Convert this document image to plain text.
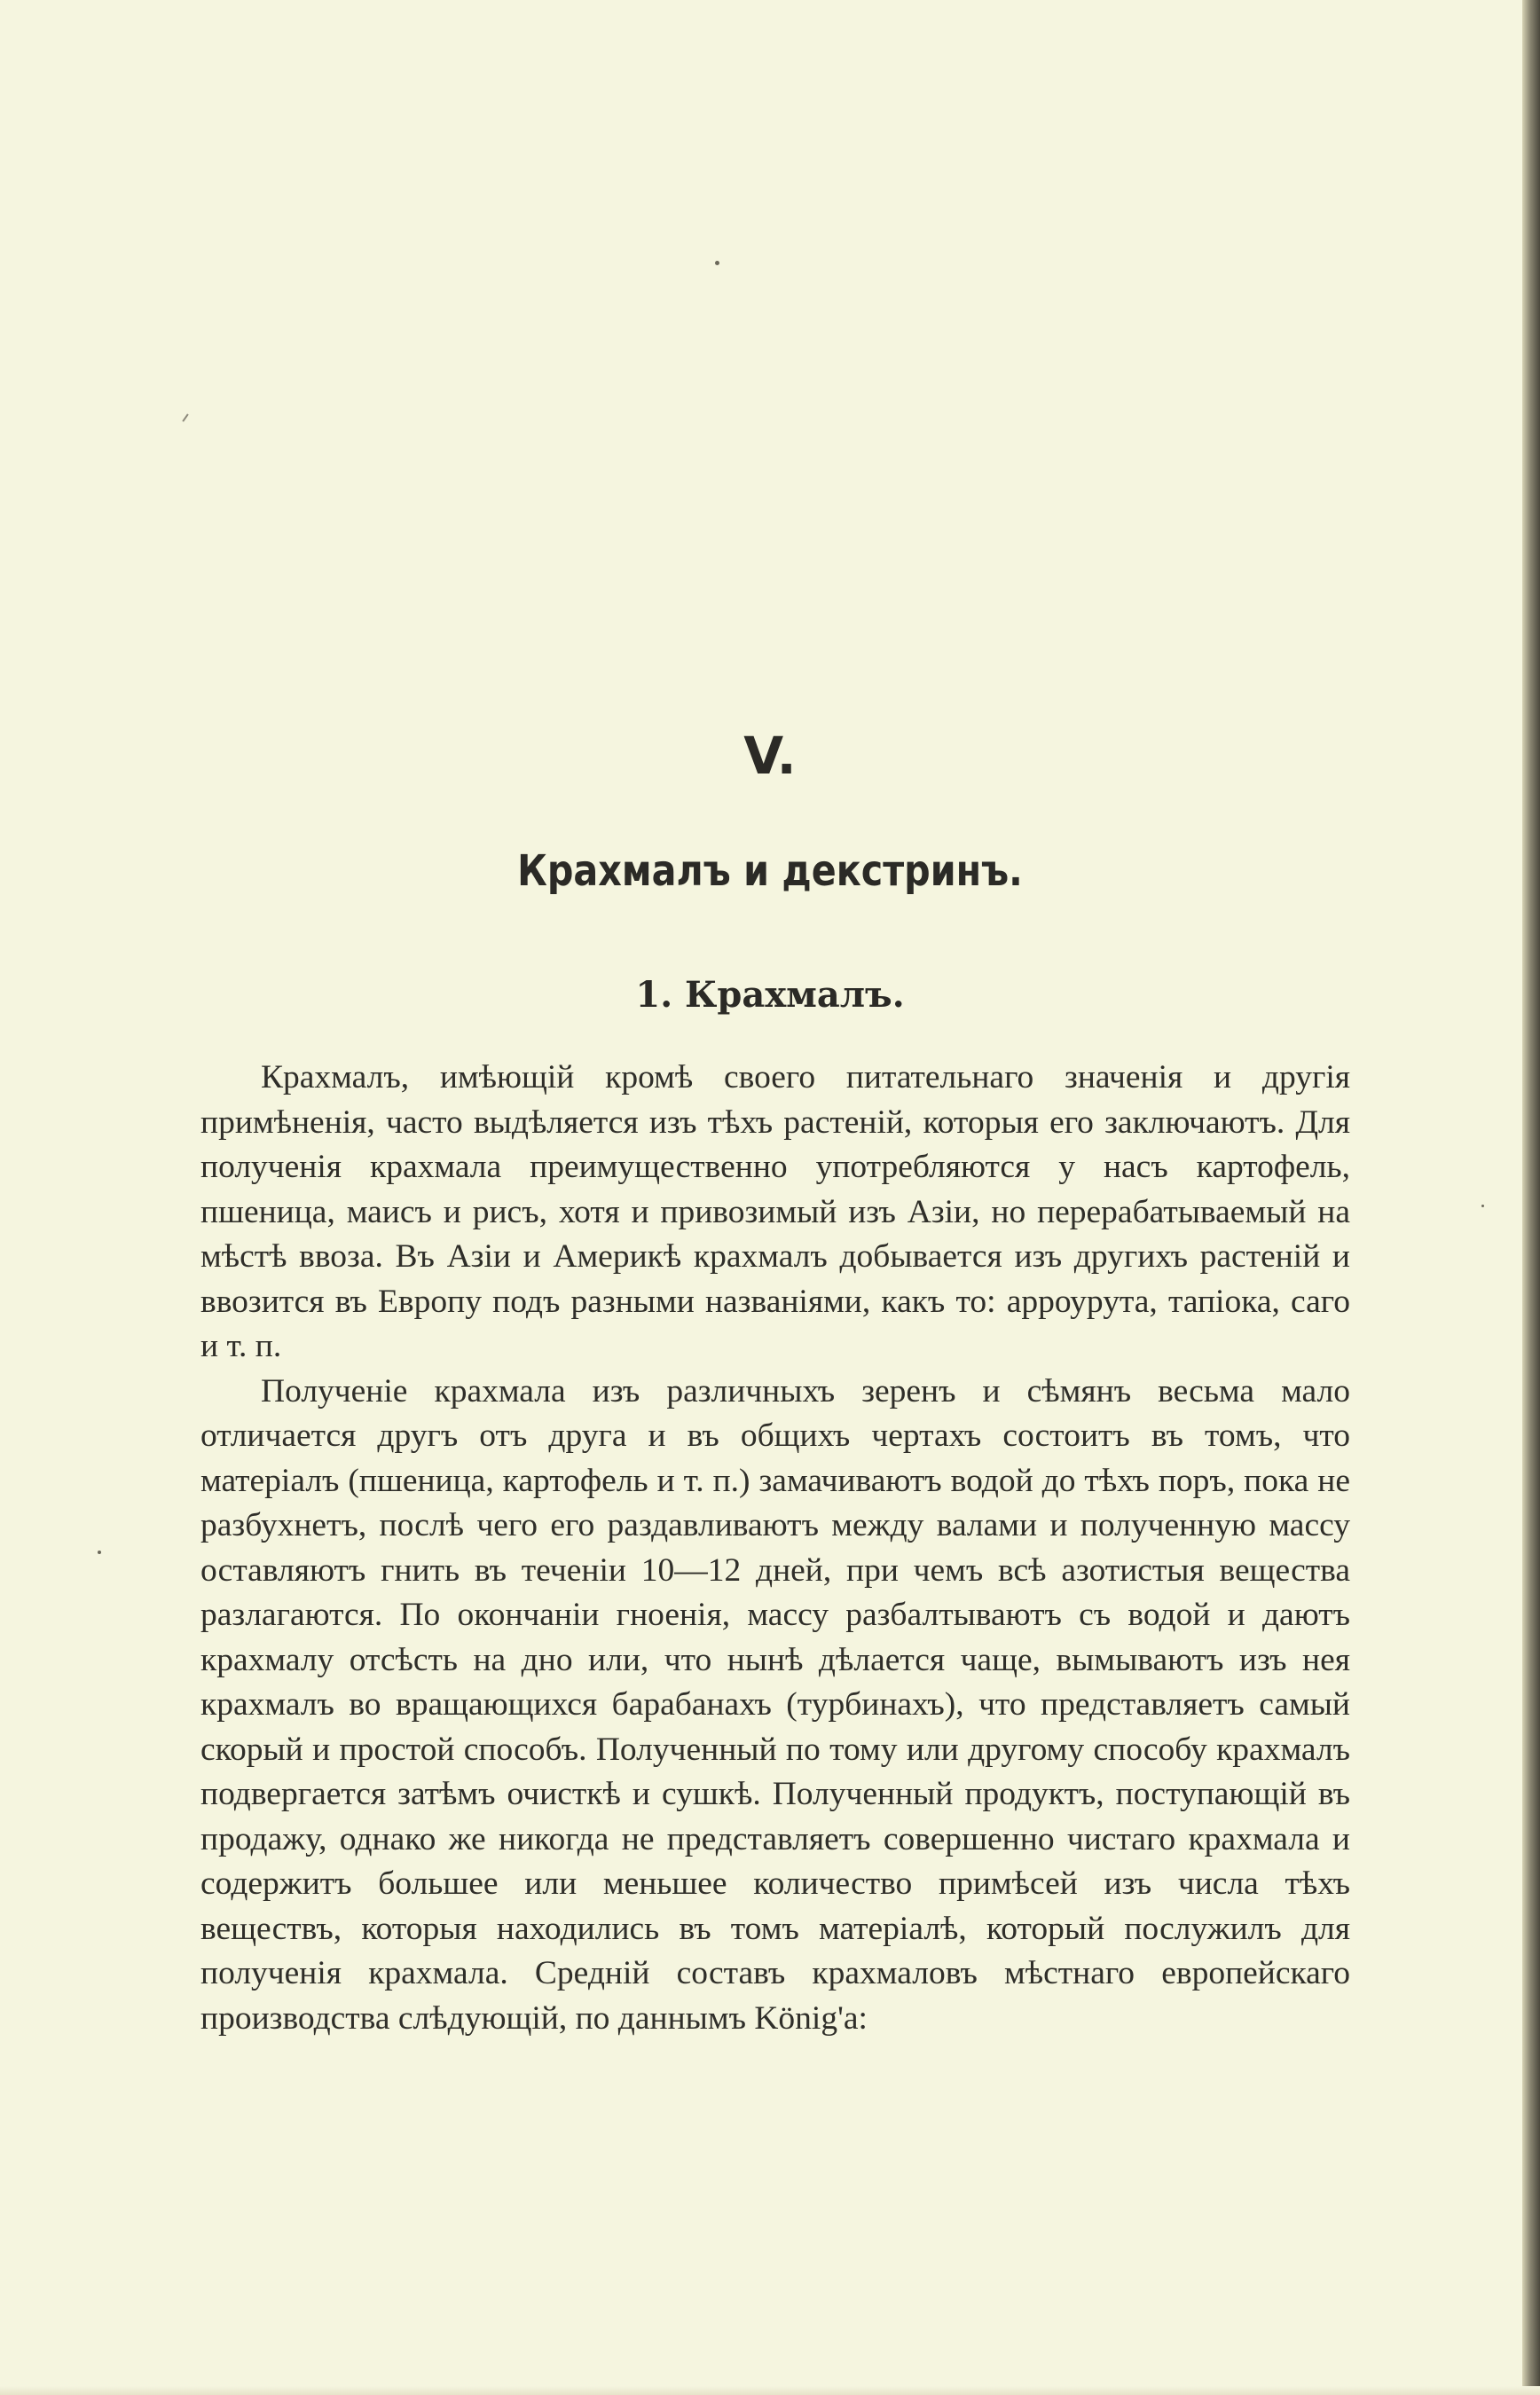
V.
Крахмалъ и декстринъ.
1. Крахмалъ.

Крахмалъ, имѣющій кромѣ своего питательнаго значенія и другія примѣненія, часто выдѣляется изъ тѣхъ растеній, которыя его заключаютъ. Для полученія крахмала преимущественно употребляются у насъ картофель, пшеница, маисъ и рисъ, хотя и привозимый изъ Азіи, но перерабатываемый на мѣстѣ ввоза. Въ Азіи и Америкѣ крахмалъ добывается изъ другихъ растеній и ввозится въ Европу подъ разными названіями, какъ то: арроурута, тапіока, саго и т. п.

Полученіе крахмала изъ различныхъ зеренъ и сѣмянъ весьма мало отличается другъ отъ друга и въ общихъ чертахъ состоитъ въ томъ, что матеріалъ (пшеница, картофель и т. п.) замачиваютъ водой до тѣхъ поръ, пока не разбухнетъ, послѣ чего его раздавливаютъ между валами и полученную массу оставляютъ гнить въ теченіи 10—12 дней, при чемъ всѣ азотистыя вещества разлагаются. По окончаніи гноенія, массу разбалтываютъ съ водой и даютъ крахмалу отсѣсть на дно или, что нынѣ дѣлается чаще, вымываютъ изъ нея крахмалъ во вращающихся барабанахъ (турбинахъ), что представляетъ самый скорый и простой способъ. Полученный по тому или другому способу крахмалъ подвергается затѣмъ очисткѣ и сушкѣ. Полученный продуктъ, поступающій въ продажу, однако же никогда не представляетъ совершенно чистаго крахмала и содержитъ большее или меньшее количество примѣсей изъ числа тѣхъ веществъ, которыя находились въ томъ матеріалѣ, который послужилъ для полученія крахмала. Средній составъ крахмаловъ мѣстнаго европейскаго производства слѣдующій, по даннымъ König'а:
